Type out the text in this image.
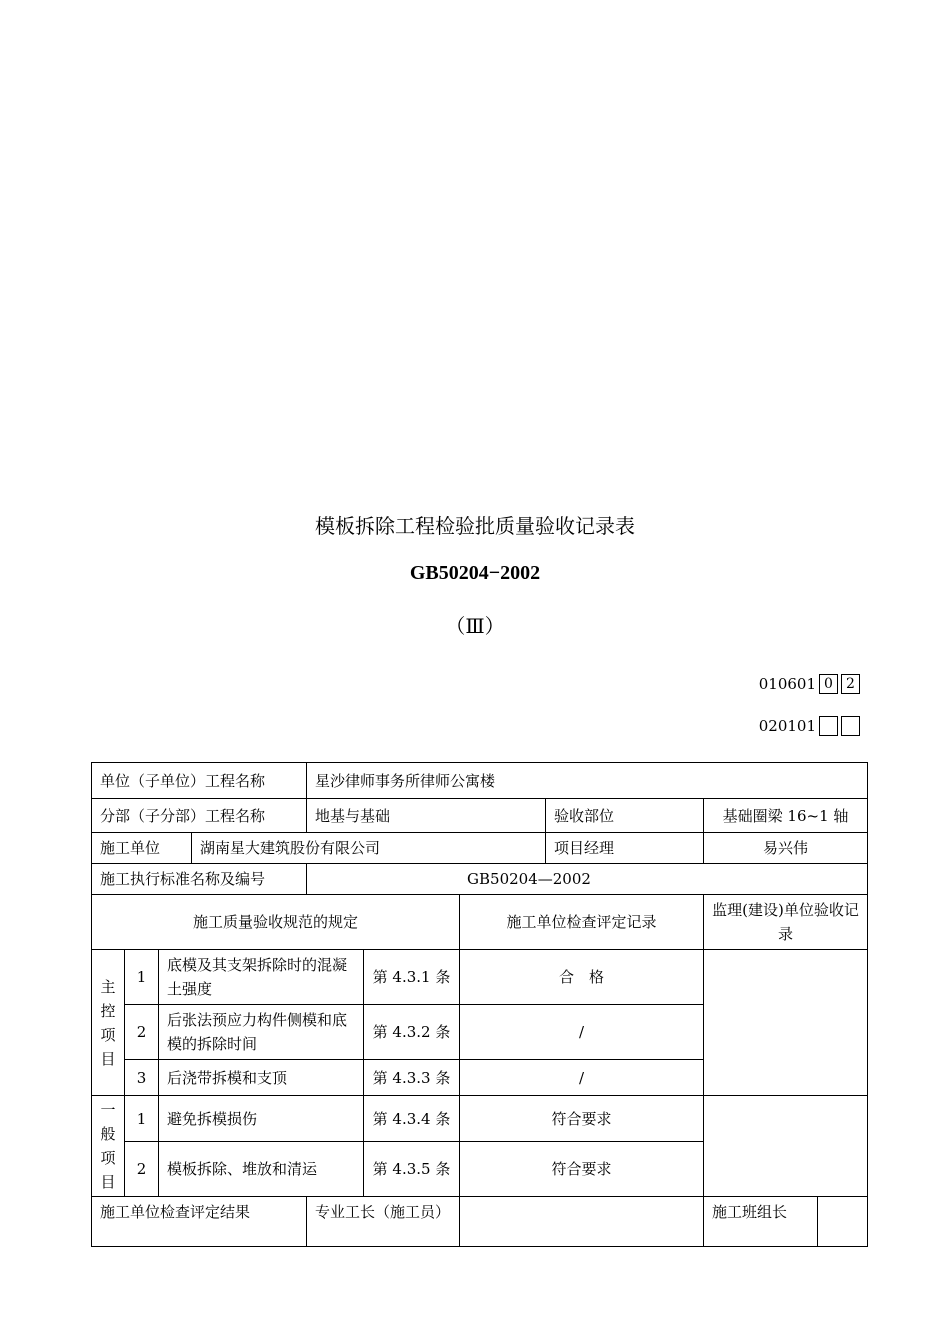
模板拆除工程检验批质量验收记录表
GB50204−2002
（Ⅲ）
010601 0 2
020101
单位（子单位）工程名称				星沙律师事务所律师公寓楼					
分部（子分部）工程名称				地基与基础			验收部位	基础圈梁 16~1 轴	
施工单位			湖南星大建筑股份有限公司				项目经理	易兴伟	
施工执行标准名称及编号				GB50204—2002					
施工质量验收规范的规定						施工单位检查评定记录		监理(建设)单位验收记录	
主控项目	1	底模及其支架拆除时的混凝土强度			第 4.3.1 条	合　格			
	2	后张法预应力构件侧模和底模的拆除时间			第 4.3.2 条	/			
	3	后浇带拆模和支顶			第 4.3.3 条	/			
一般项目	1	避免拆模损伤			第 4.3.4 条	符合要求			
	2	模板拆除、堆放和清运			第 4.3.5 条	符合要求			
施工单位检查评定结果				专业工长（施工员）				施工班组长	
